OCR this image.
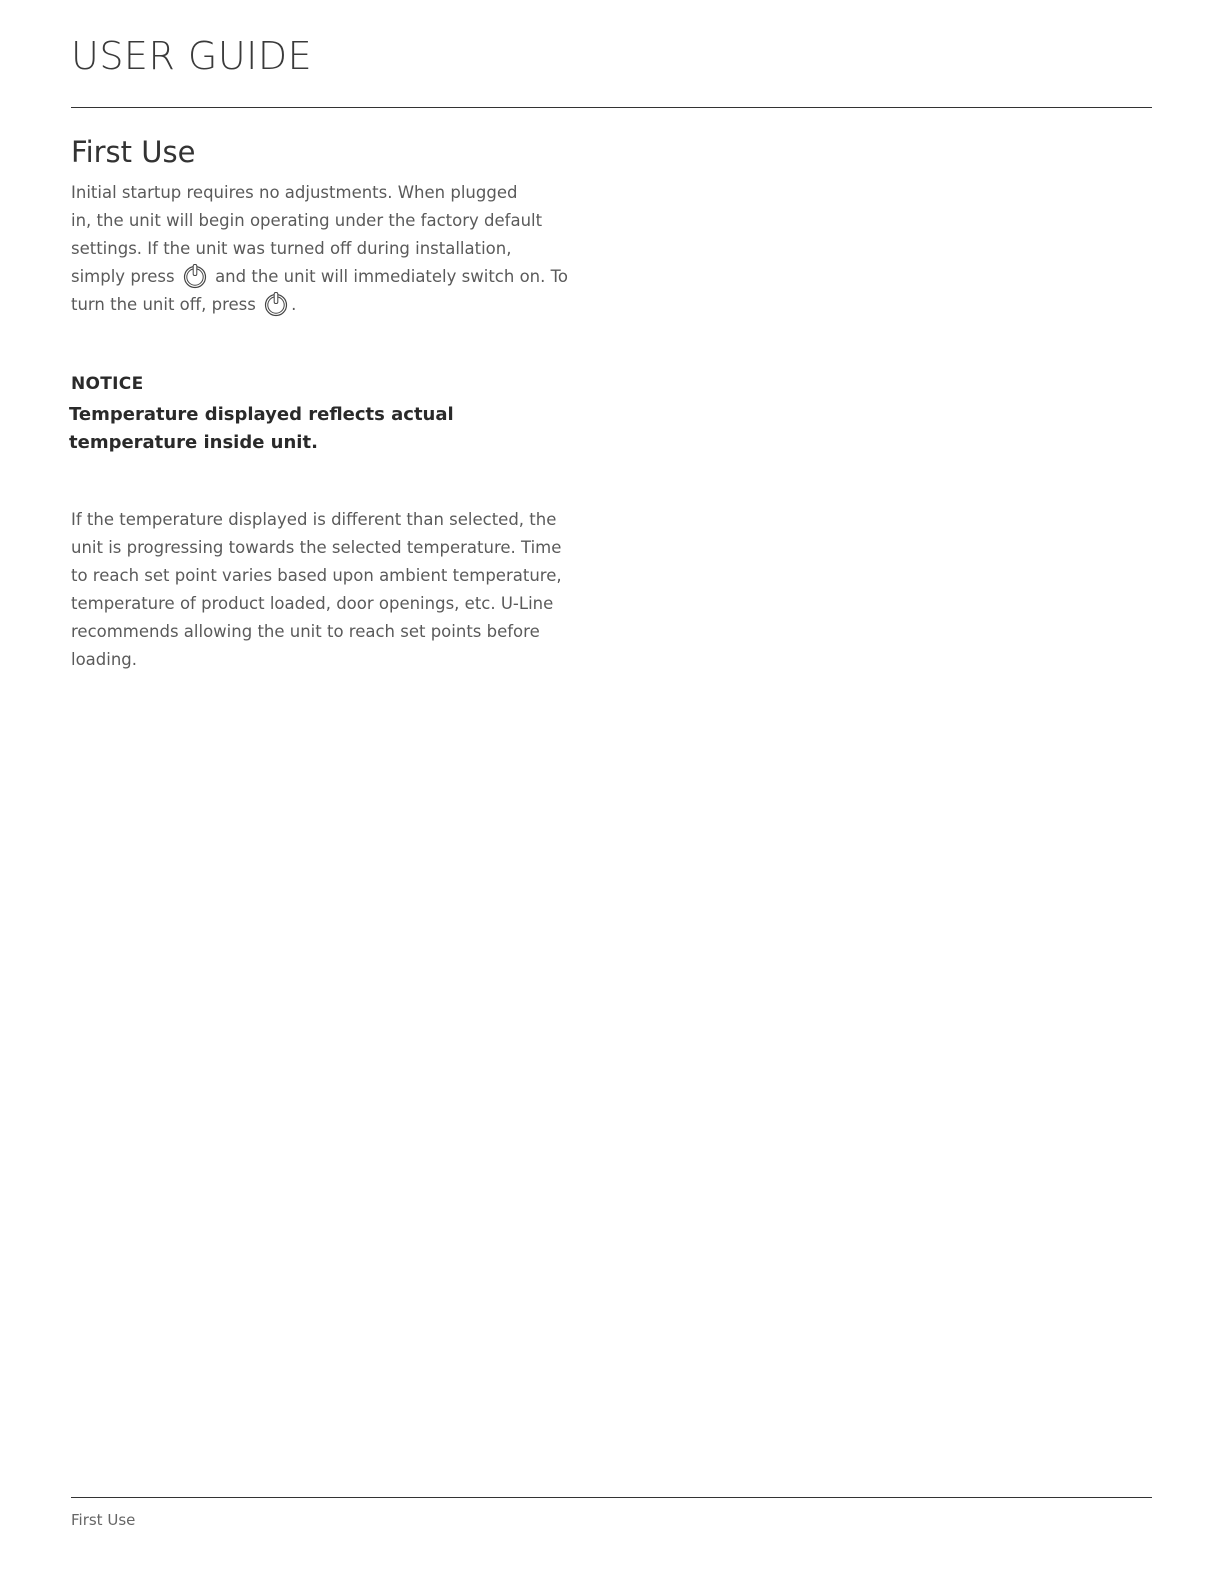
USER GUIDE
First Use
Initial startup requires no adjustments. When plugged
in, the unit will begin operating under the factory default
settings. If the unit was turned off during installation,
simply press and the unit will immediately switch on. To
turn the unit off, press .
NOTICE

Temperature displayed reflects actual temperature inside unit.

If the temperature displayed is different than selected, the unit is progressing towards the selected temperature. Time to reach set point varies based upon ambient temperature, temperature of product loaded, door openings, etc. U-Line recommends allowing the unit to reach set points before loading.

First Use
